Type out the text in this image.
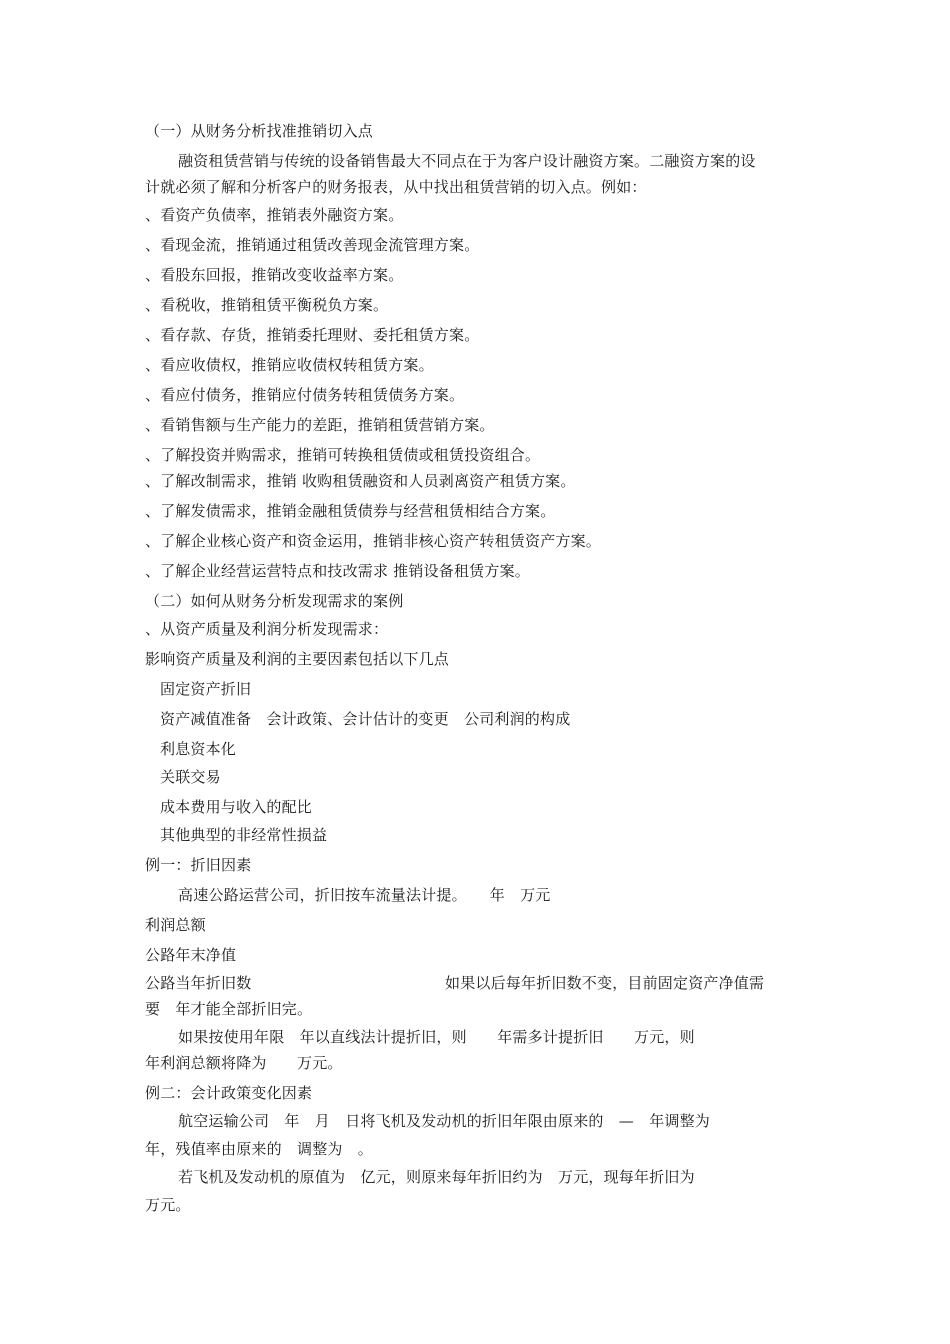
（一）从财务分析找准推销切入点
融资租赁营销与传统的设备销售最大不同点在于为客户设计融资方案。二融资方案的设
计就必须了解和分析客户的财务报表，从中找出租赁营销的切入点。例如：
、看资产负债率，推销表外融资方案。
、看现金流，推销通过租赁改善现金流管理方案。
、看股东回报，推销改变收益率方案。
、看税收，推销租赁平衡税负方案。
、看存款、存货，推销委托理财、委托租赁方案。
、看应收债权，推销应收债权转租赁方案。
、看应付债务，推销应付债务转租赁债务方案。
、看销售额与生产能力的差距，推销租赁营销方案。
、了解投资并购需求，推销可转换租赁债或租赁投资组合。
、了解改制需求，推销 收购租赁融资和人员剥离资产租赁方案。
、了解发债需求，推销金融租赁债券与经营租赁相结合方案。
、了解企业核心资产和资金运用，推销非核心资产转租赁资产方案。
、了解企业经营运营特点和技改需求 推销设备租赁方案。
（二）如何从财务分析发现需求的案例
、从资产质量及利润分析发现需求：
影响资产质量及利润的主要因素包括以下几点
固定资产折旧
资产减值准备　会计政策、会计估计的变更　公司利润的构成
利息资本化
关联交易
成本费用与收入的配比
其他典型的非经常性损益
例一：折旧因素
高速公路运营公司，折旧按车流量法计提。　　年　万元
利润总额
公路年末净值
公路当年折旧数	如果以后每年折旧数不变，目前固定资产净值需
要　年才能全部折旧完。
如果按使用年限　年以直线法计提折旧，则　　年需多计提折旧　　万元，则
年利润总额将降为　　万元。
例二：会计政策变化因素
航空运输公司　年　月　日将飞机及发动机的折旧年限由原来的　—　年调整为
年，残值率由原来的　调整为　。
若飞机及发动机的原值为　亿元，则原来每年折旧约为　万元，现每年折旧为
万元。
